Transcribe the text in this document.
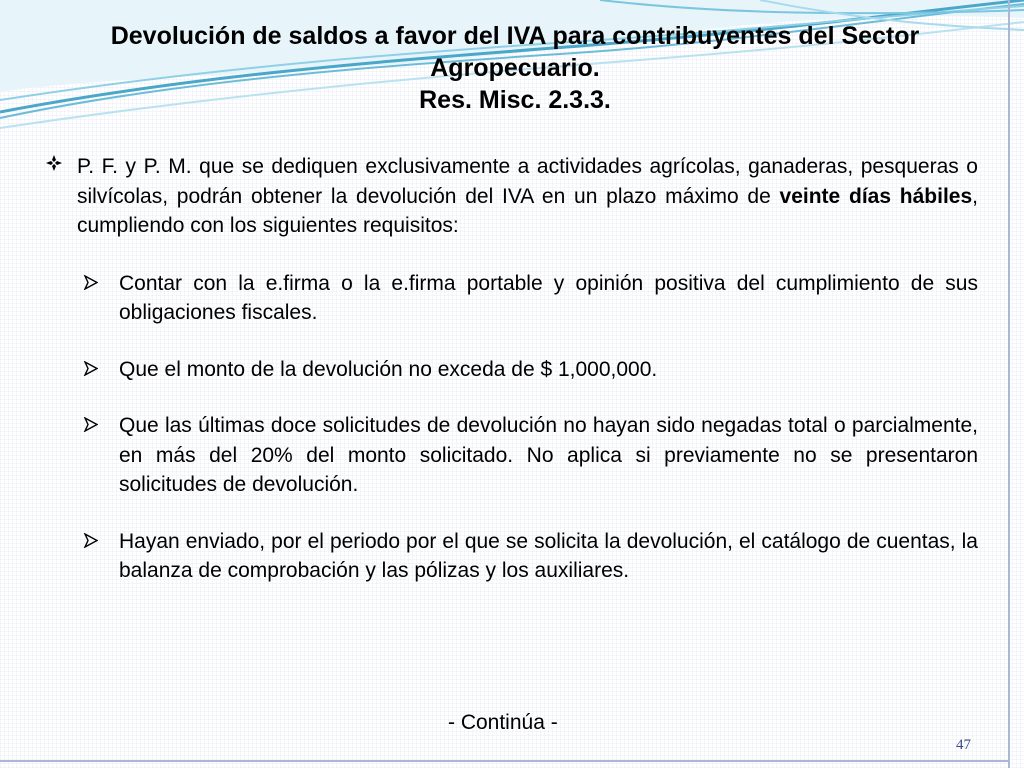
Devolución de saldos a favor del IVA para contribuyentes del Sector
Agropecuario.
Res. Misc. 2.3.3.

P. F. y P. M. que se dediquen exclusivamente a actividades agrícolas, ganaderas, pesqueras o silvícolas, podrán obtener la devolución del IVA en un plazo máximo de veinte días hábiles, cumpliendo con los siguientes requisitos:

Contar con la e.firma o la e.firma portable y opinión positiva del cumplimiento de sus obligaciones fiscales.

Que el monto de la devolución no exceda de $ 1,000,000.

Que las últimas doce solicitudes de devolución no hayan sido negadas total o parcialmente, en más del 20% del monto solicitado. No aplica si previamente no se presentaron solicitudes de devolución.

Hayan enviado, por el periodo por el que se solicita la devolución, el catálogo de cuentas, la balanza de comprobación y las pólizas y los auxiliares.

- Continúa -
47
